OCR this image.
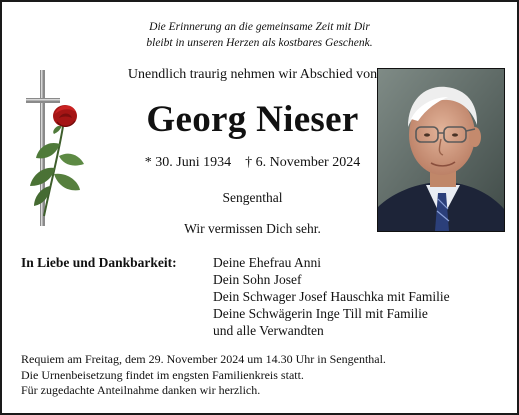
Die Erinnerung an die gemeinsame Zeit mit Dir
bleibt in unseren Herzen als kostbares Geschenk.
Unendlich traurig nehmen wir Abschied von
Georg Nieser
* 30. Juni 1934    † 6. November 2024
Sengenthal
Wir vermissen Dich sehr.
In Liebe und Dankbarkeit:	Deine Ehefrau Anni
Dein Sohn Josef
Dein Schwager Josef Hauschka mit Familie
Deine Schwägerin Inge Till mit Familie
und alle Verwandten
Requiem am Freitag, dem 29. November 2024 um 14.30 Uhr in Sengenthal.
Die Urnenbeisetzung findet im engsten Familienkreis statt.
Für zugedachte Anteilnahme danken wir herzlich.
